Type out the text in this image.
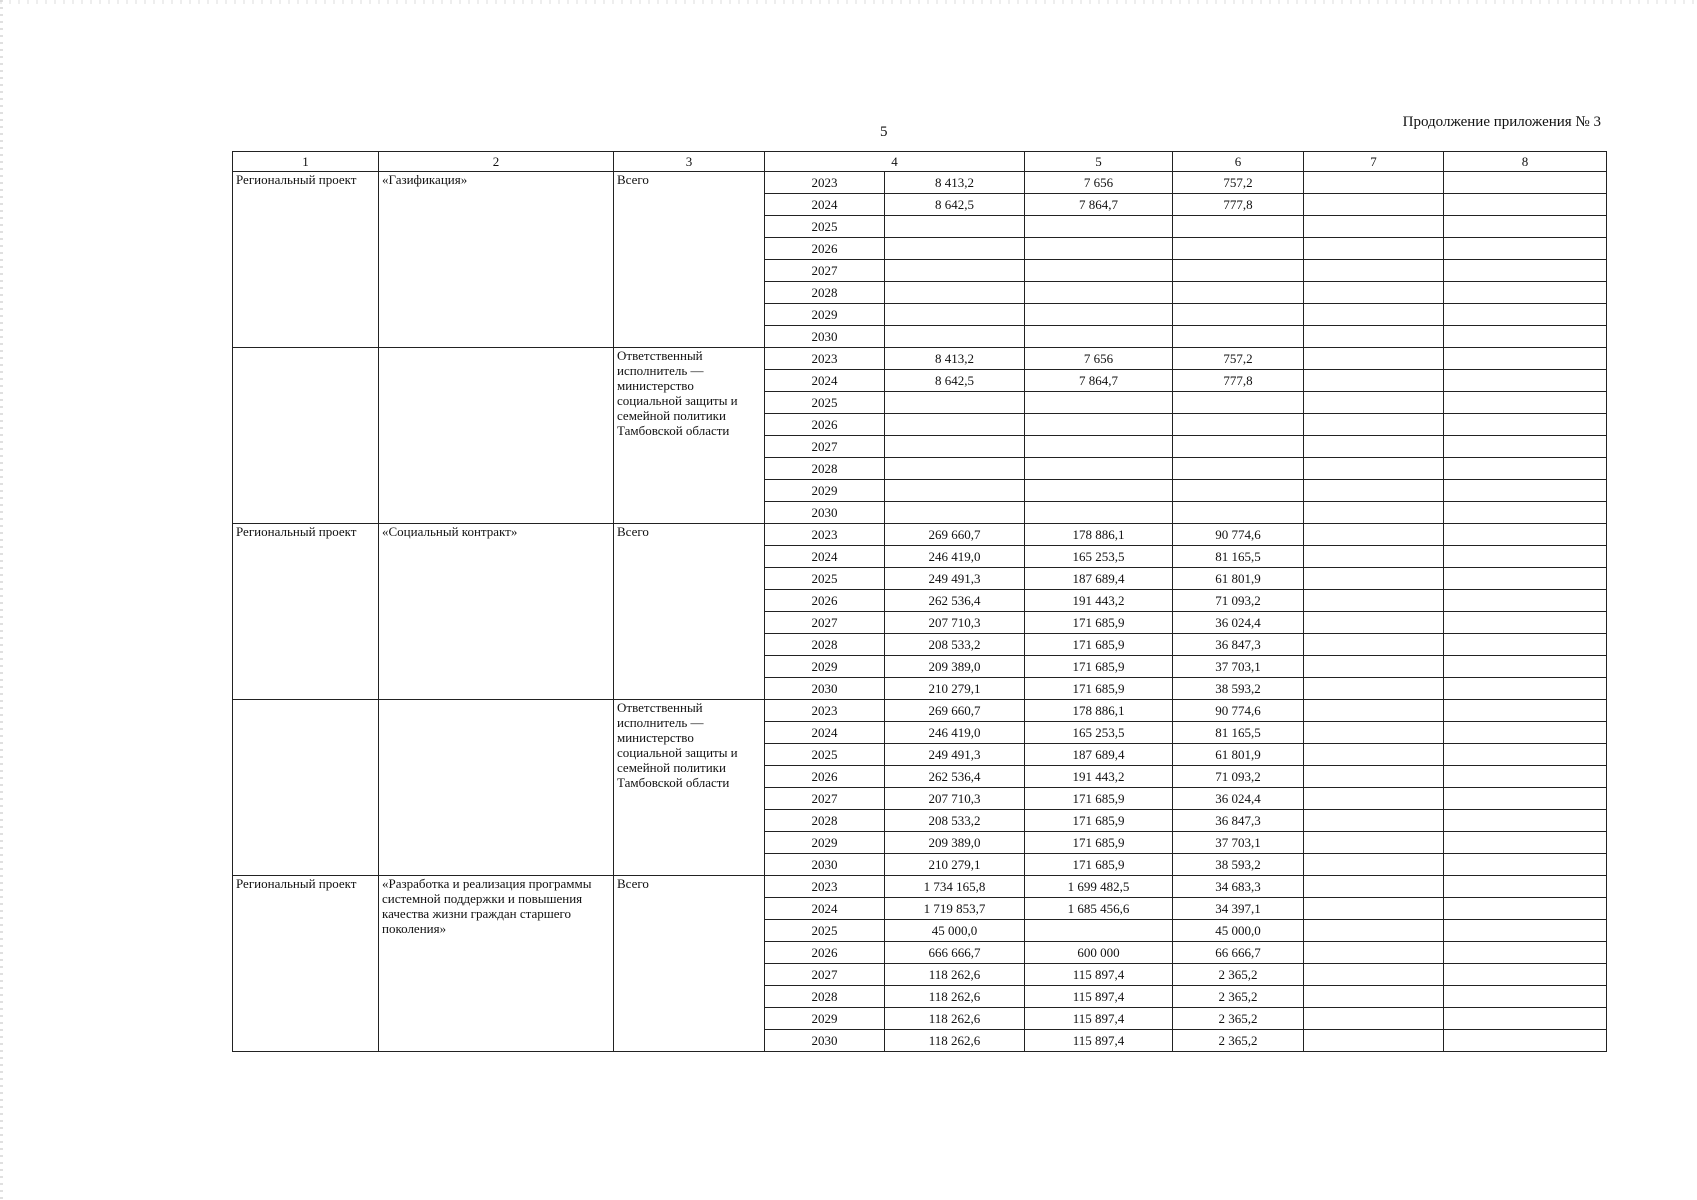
5
Продолжение приложения № 3
1	2	3	4		5	6	7	8
Региональный проект	«Газификация»	Всего	2023	8 413,2	7 656	757,2		
			2024	8 642,5	7 864,7	777,8		
			2025					
			2026					
			2027					
			2028					
			2029					
			2030					
		Ответственный исполнитель — министерство социальной защиты и семейной политики Тамбовской области	2023	8 413,2	7 656	757,2		
			2024	8 642,5	7 864,7	777,8		
			2025					
			2026					
			2027					
			2028					
			2029					
			2030					
Региональный проект	«Социальный контракт»	Всего	2023	269 660,7	178 886,1	90 774,6		
			2024	246 419,0	165 253,5	81 165,5		
			2025	249 491,3	187 689,4	61 801,9		
			2026	262 536,4	191 443,2	71 093,2		
			2027	207 710,3	171 685,9	36 024,4		
			2028	208 533,2	171 685,9	36 847,3		
			2029	209 389,0	171 685,9	37 703,1		
			2030	210 279,1	171 685,9	38 593,2		
		Ответственный исполнитель — министерство социальной защиты и семейной политики Тамбовской области	2023	269 660,7	178 886,1	90 774,6		
			2024	246 419,0	165 253,5	81 165,5		
			2025	249 491,3	187 689,4	61 801,9		
			2026	262 536,4	191 443,2	71 093,2		
			2027	207 710,3	171 685,9	36 024,4		
			2028	208 533,2	171 685,9	36 847,3		
			2029	209 389,0	171 685,9	37 703,1		
			2030	210 279,1	171 685,9	38 593,2		
Региональный проект	«Разработка и реализация программы системной поддержки и повышения качества жизни граждан старшего поколения»	Всего	2023	1 734 165,8	1 699 482,5	34 683,3		
			2024	1 719 853,7	1 685 456,6	34 397,1		
			2025	45 000,0		45 000,0		
			2026	666 666,7	600 000	66 666,7		
			2027	118 262,6	115 897,4	2 365,2		
			2028	118 262,6	115 897,4	2 365,2		
			2029	118 262,6	115 897,4	2 365,2		
			2030	118 262,6	115 897,4	2 365,2		
